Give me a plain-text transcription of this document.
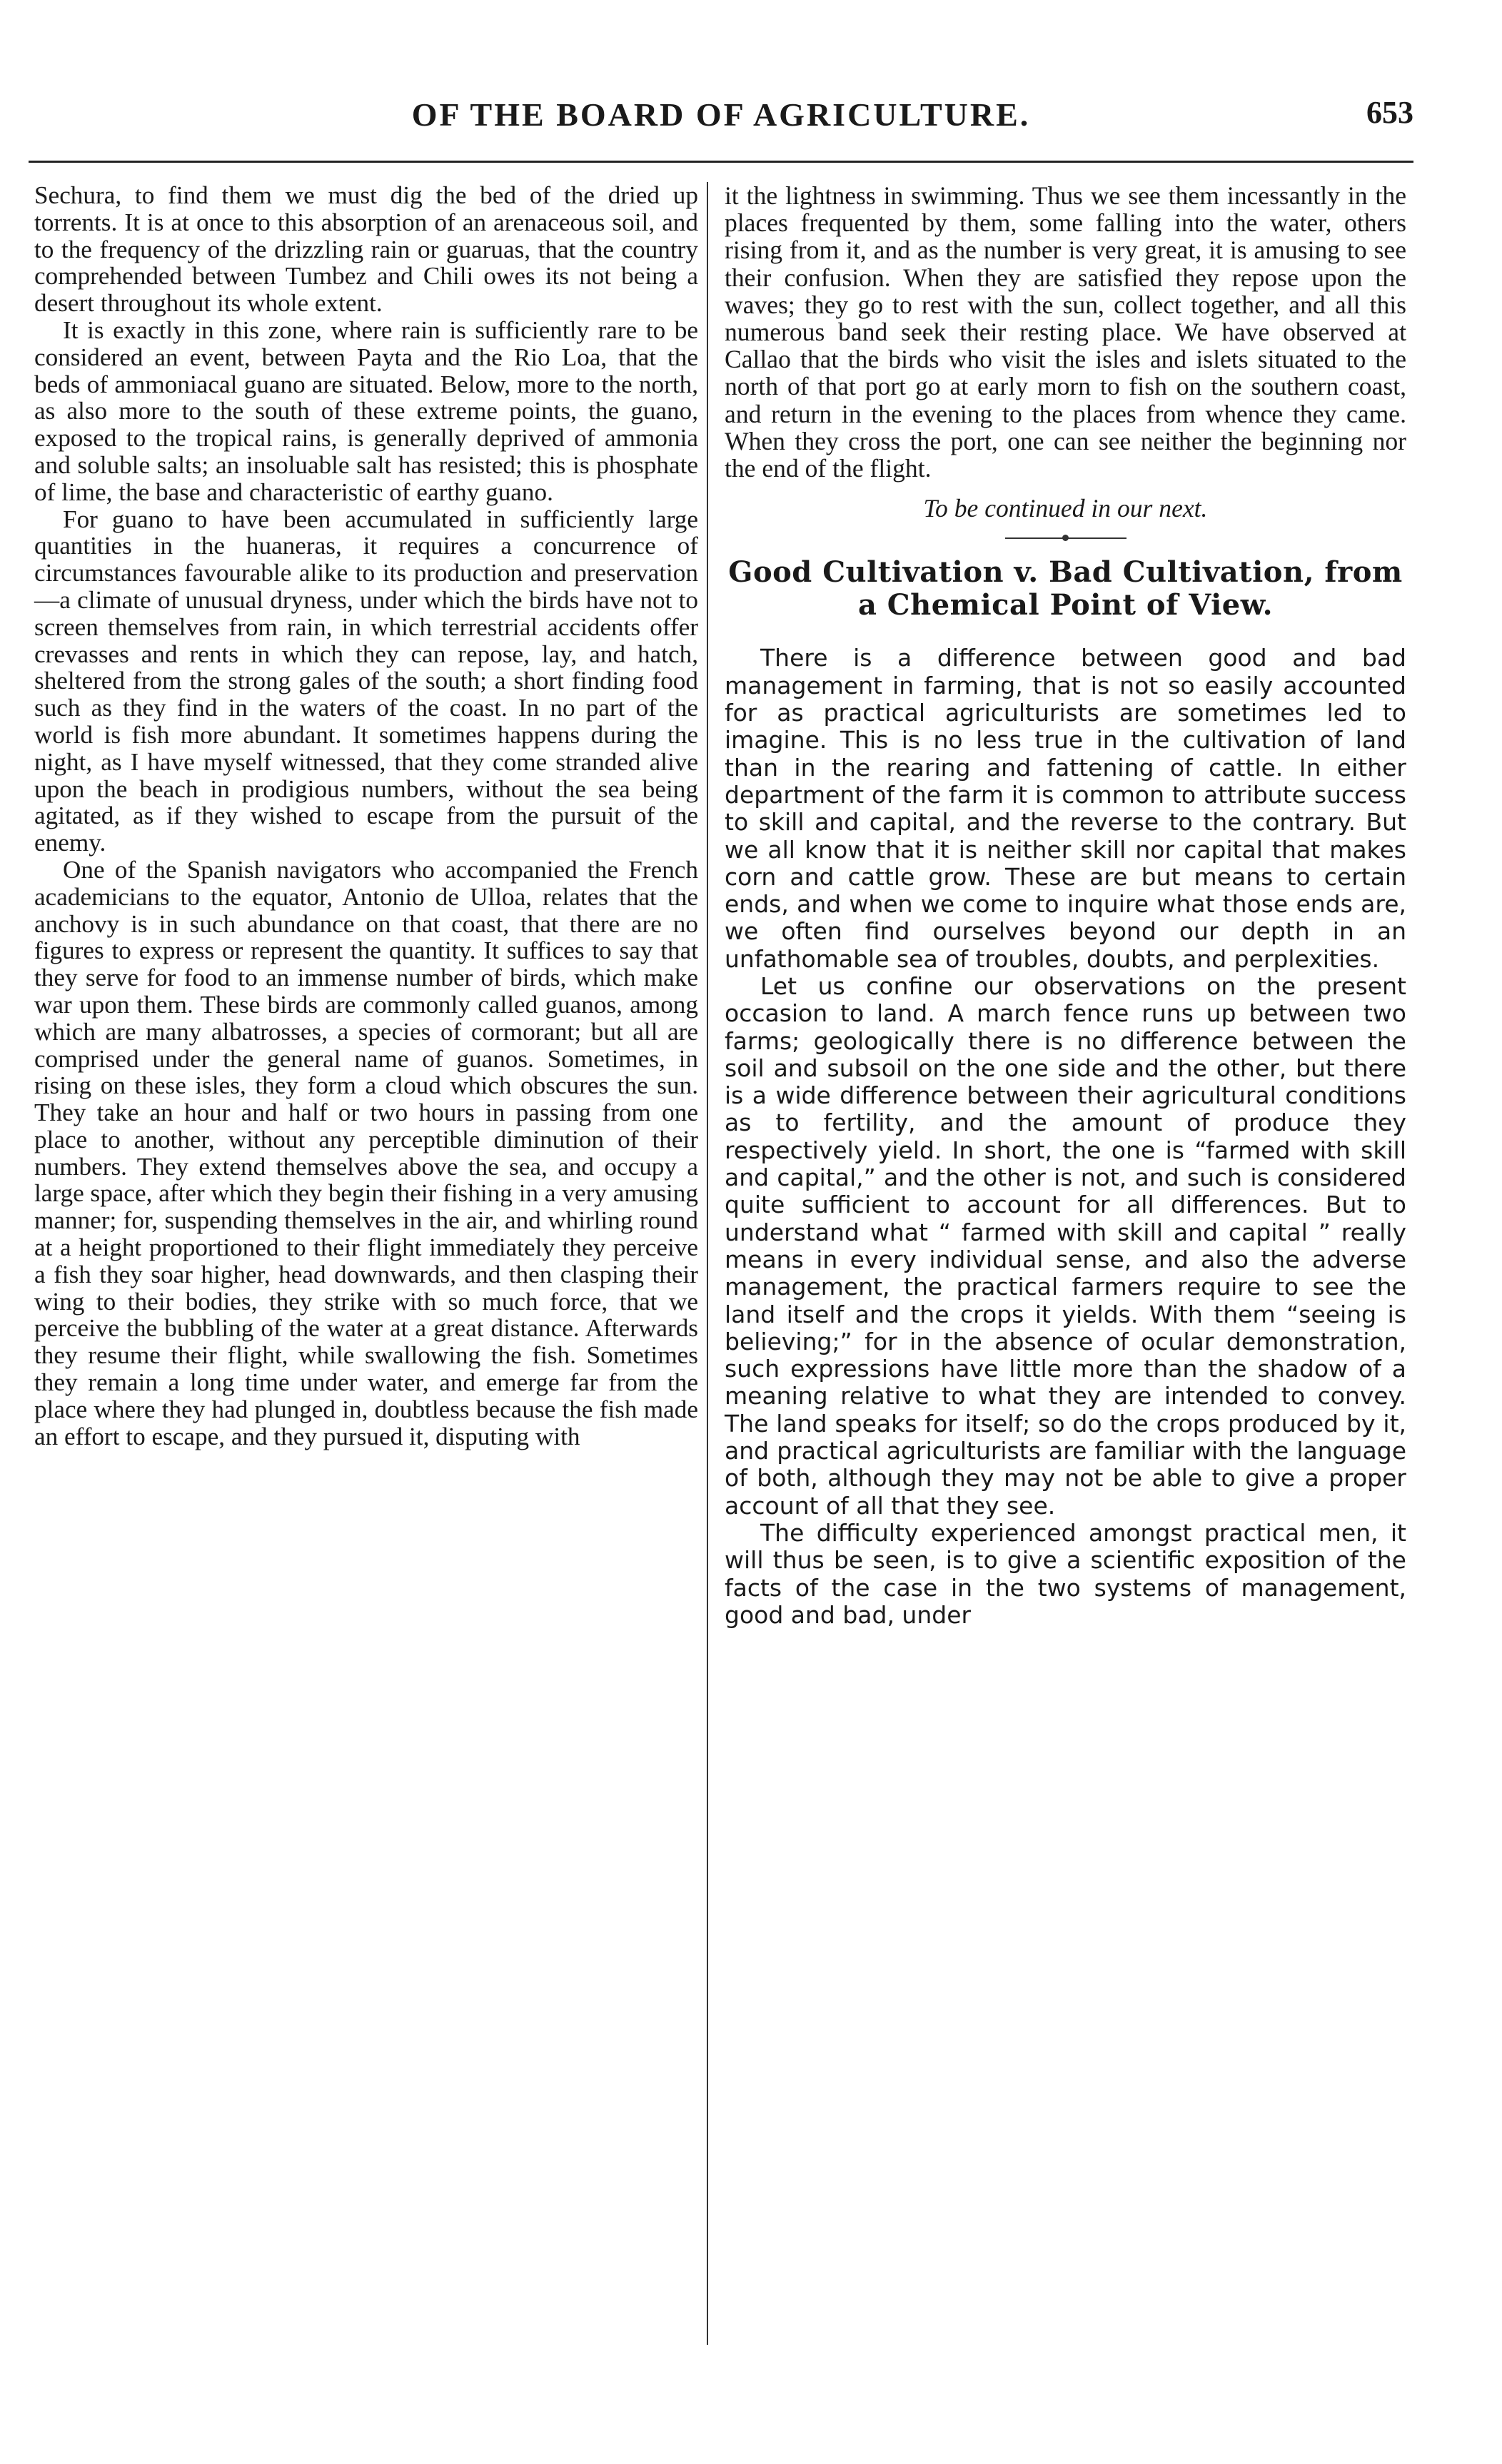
OF THE BOARD OF AGRICULTURE.	653

Sechura, to find them we must dig the bed of the dried up torrents. It is at once to this absorption of an arenaceous soil, and to the frequency of the drizzling rain or guaruas, that the country comprehended between Tumbez and Chili owes its not being a desert throughout its whole extent.

It is exactly in this zone, where rain is sufficiently rare to be considered an event, between Payta and the Rio Loa, that the beds of ammoniacal guano are situated. Below, more to the north, as also more to the south of these extreme points, the guano, exposed to the tropical rains, is generally deprived of ammonia and soluble salts; an insoluable salt has resisted; this is phosphate of lime, the base and characteristic of earthy guano.

For guano to have been accumulated in sufficiently large quantities in the huaneras, it requires a concurrence of circumstances favourable alike to its production and preservation—a climate of unusual dryness, under which the birds have not to screen themselves from rain, in which terrestrial accidents offer crevasses and rents in which they can repose, lay, and hatch, sheltered from the strong gales of the south; a short finding food such as they find in the waters of the coast. In no part of the world is fish more abundant. It sometimes happens during the night, as I have myself witnessed, that they come stranded alive upon the beach in prodigious numbers, without the sea being agitated, as if they wished to escape from the pursuit of the enemy.

One of the Spanish navigators who accompanied the French academicians to the equator, Antonio de Ulloa, relates that the anchovy is in such abundance on that coast, that there are no figures to express or represent the quantity. It suffices to say that they serve for food to an immense number of birds, which make war upon them. These birds are commonly called guanos, among which are many albatrosses, a species of cormorant; but all are comprised under the general name of guanos. Sometimes, in rising on these isles, they form a cloud which obscures the sun. They take an hour and half or two hours in passing from one place to another, without any perceptible diminution of their numbers. They extend themselves above the sea, and occupy a large space, after which they begin their fishing in a very amusing manner; for, suspending themselves in the air, and whirling round at a height proportioned to their flight immediately they perceive a fish they soar higher, head downwards, and then clasping their wing to their bodies, they strike with so much force, that we perceive the bubbling of the water at a great distance. Afterwards they resume their flight, while swallowing the fish. Sometimes they remain a long time under water, and emerge far from the place where they had plunged in, doubtless because the fish made an effort to escape, and they pursued it, disputing with

it the lightness in swimming. Thus we see them incessantly in the places frequented by them, some falling into the water, others rising from it, and as the number is very great, it is amusing to see their confusion. When they are satisfied they repose upon the waves; they go to rest with the sun, collect together, and all this numerous band seek their resting place. We have observed at Callao that the birds who visit the isles and islets situated to the north of that port go at early morn to fish on the southern coast, and return in the evening to the places from whence they came. When they cross the port, one can see neither the beginning nor the end of the flight.

To be continued in our next.

Good Cultivation v. Bad Cultivation, from a Chemical Point of View.

There is a difference between good and bad management in farming, that is not so easily accounted for as practical agriculturists are sometimes led to imagine. This is no less true in the cultivation of land than in the rearing and fattening of cattle. In either department of the farm it is common to attribute success to skill and capital, and the reverse to the contrary. But we all know that it is neither skill nor capital that makes corn and cattle grow. These are but means to certain ends, and when we come to inquire what those ends are, we often find ourselves beyond our depth in an unfathomable sea of troubles, doubts, and perplexities.

Let us confine our observations on the present occasion to land. A march fence runs up between two farms; geologically there is no difference between the soil and subsoil on the one side and the other, but there is a wide difference between their agricultural conditions as to fertility, and the amount of produce they respectively yield. In short, the one is “farmed with skill and capital,” and the other is not, and such is considered quite sufficient to account for all differences. But to understand what “ farmed with skill and capital ” really means in every individual sense, and also the adverse management, the practical farmers require to see the land itself and the crops it yields. With them “seeing is believing;” for in the absence of ocular demonstration, such expressions have little more than the shadow of a meaning relative to what they are intended to convey. The land speaks for itself; so do the crops produced by it, and practical agriculturists are familiar with the language of both, although they may not be able to give a proper account of all that they see.

The difficulty experienced amongst practical men, it will thus be seen, is to give a scientific exposition of the facts of the case in the two systems of management, good and bad, under
